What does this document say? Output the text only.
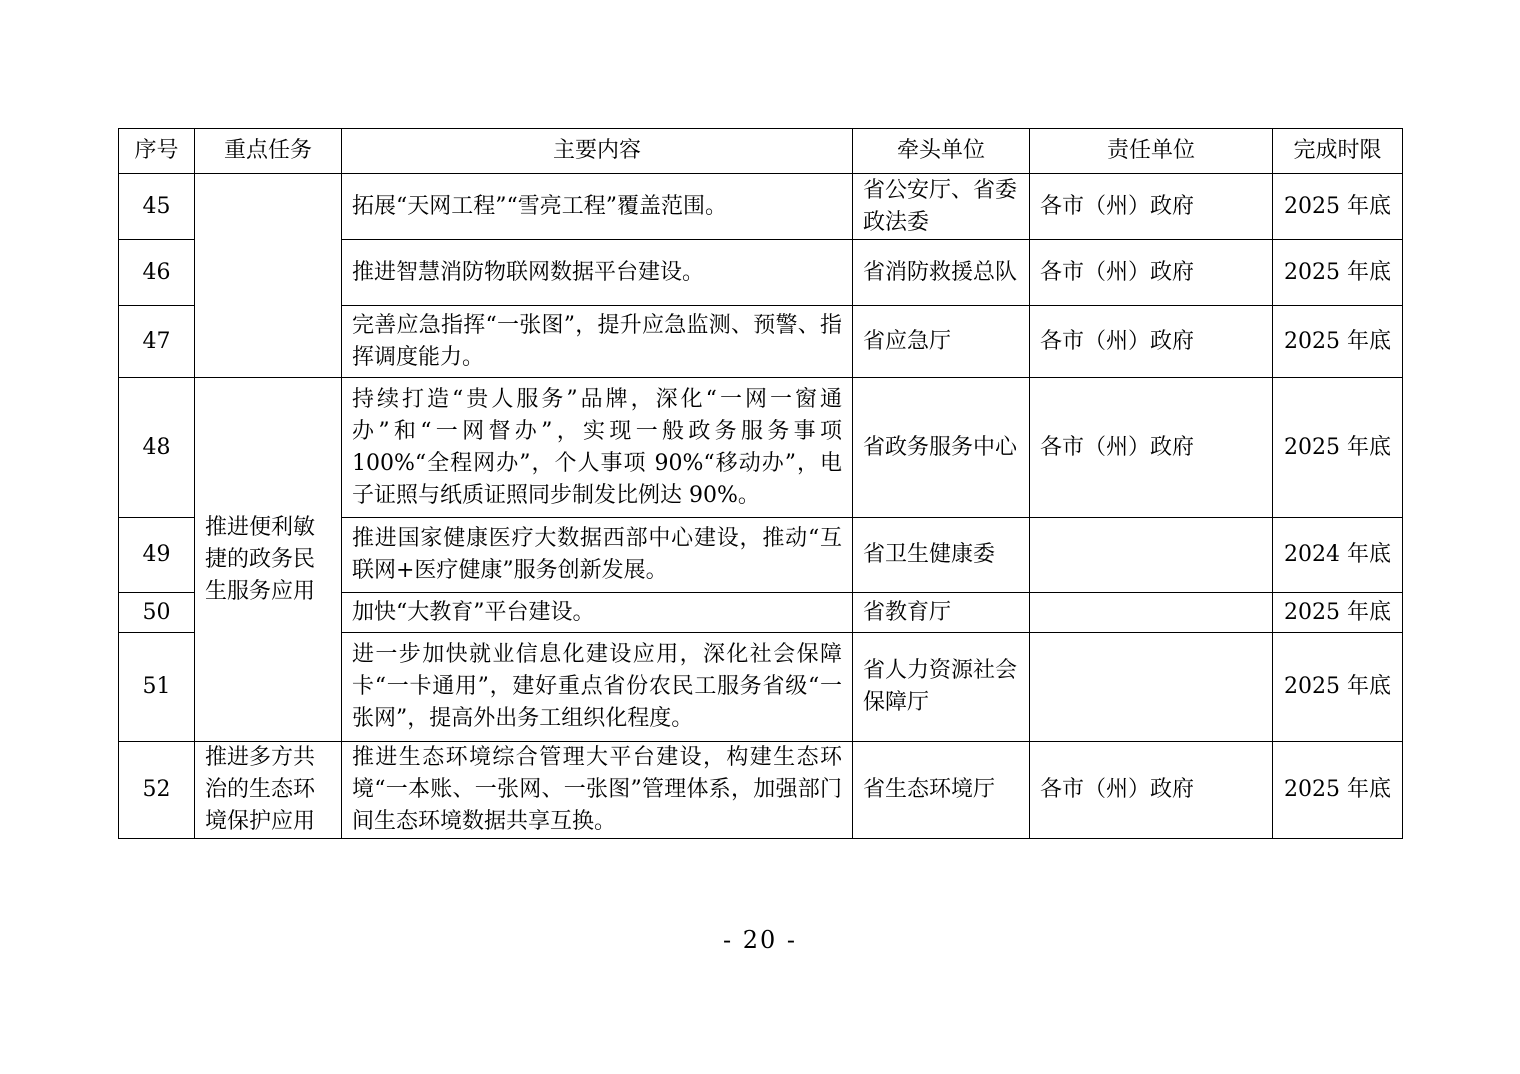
序号	重点任务	主要内容	牵头单位	责任单位	完成时限
45		拓展“天网工程”“雪亮工程”覆盖范围。	省公安厅、省委政法委	各市（州）政府	2025 年底
46		推进智慧消防物联网数据平台建设。	省消防救援总队	各市（州）政府	2025 年底
47		完善应急指挥“一张图”，提升应急监测、预警、指挥调度能力。	省应急厅	各市（州）政府	2025 年底
48	推进便利敏捷的政务民生服务应用	持续打造“贵人服务”品牌，深化“一网一窗通办”和“一网督办”，实现一般政务服务事项 100%“全程网办”，个人事项 90%“移动办”，电子证照与纸质证照同步制发比例达 90%。	省政务服务中心	各市（州）政府	2025 年底
49		推进国家健康医疗大数据西部中心建设，推动“互联网+医疗健康”服务创新发展。	省卫生健康委		2024 年底
50		加快“大教育”平台建设。	省教育厅		2025 年底
51		进一步加快就业信息化建设应用，深化社会保障卡“一卡通用”，建好重点省份农民工服务省级“一张网”，提高外出务工组织化程度。	省人力资源社会保障厅		2025 年底
52	推进多方共治的生态环境保护应用	推进生态环境综合管理大平台建设，构建生态环境“一本账、一张网、一张图”管理体系，加强部门间生态环境数据共享互换。	省生态环境厅	各市（州）政府	2025 年底
- 20 -
